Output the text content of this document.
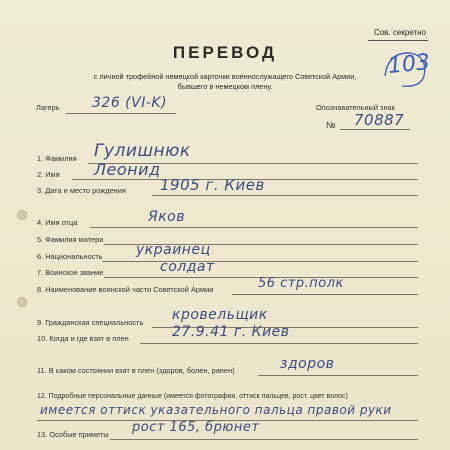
Сов. секретно
103
ПЕРЕВОД
с личной трофейной немецкой карточки военнослужащего Советской Армии,
бывшего в немецком плену.
Лагерь 326 (VI-K)	Опознавательный знак
№ 70887
1. Фамилия Гулишнюк
2. Имя Леонид
3. Дата и место рождения 1905 г. Киев
4. Имя отца	Яков
5. Фамилия матери
6. Национальность украинец
7. Воинское звание	солдат
8. Наименование воинской части Советской Армии	56 стр.полк
9. Гражданская специальность кровельщик
10. Когда и где взят в плен	27.9.41 г. Киев
11. В каком состоянии взят в плен (здоров, болен, ранен)	здоров
12. Подробные персональные данные (имеется фотография, оттиск пальцев, рост, цвет волос)
имеется оттиск указательного пальца правой руки
13. Особые приметы рост 165, брюнет
